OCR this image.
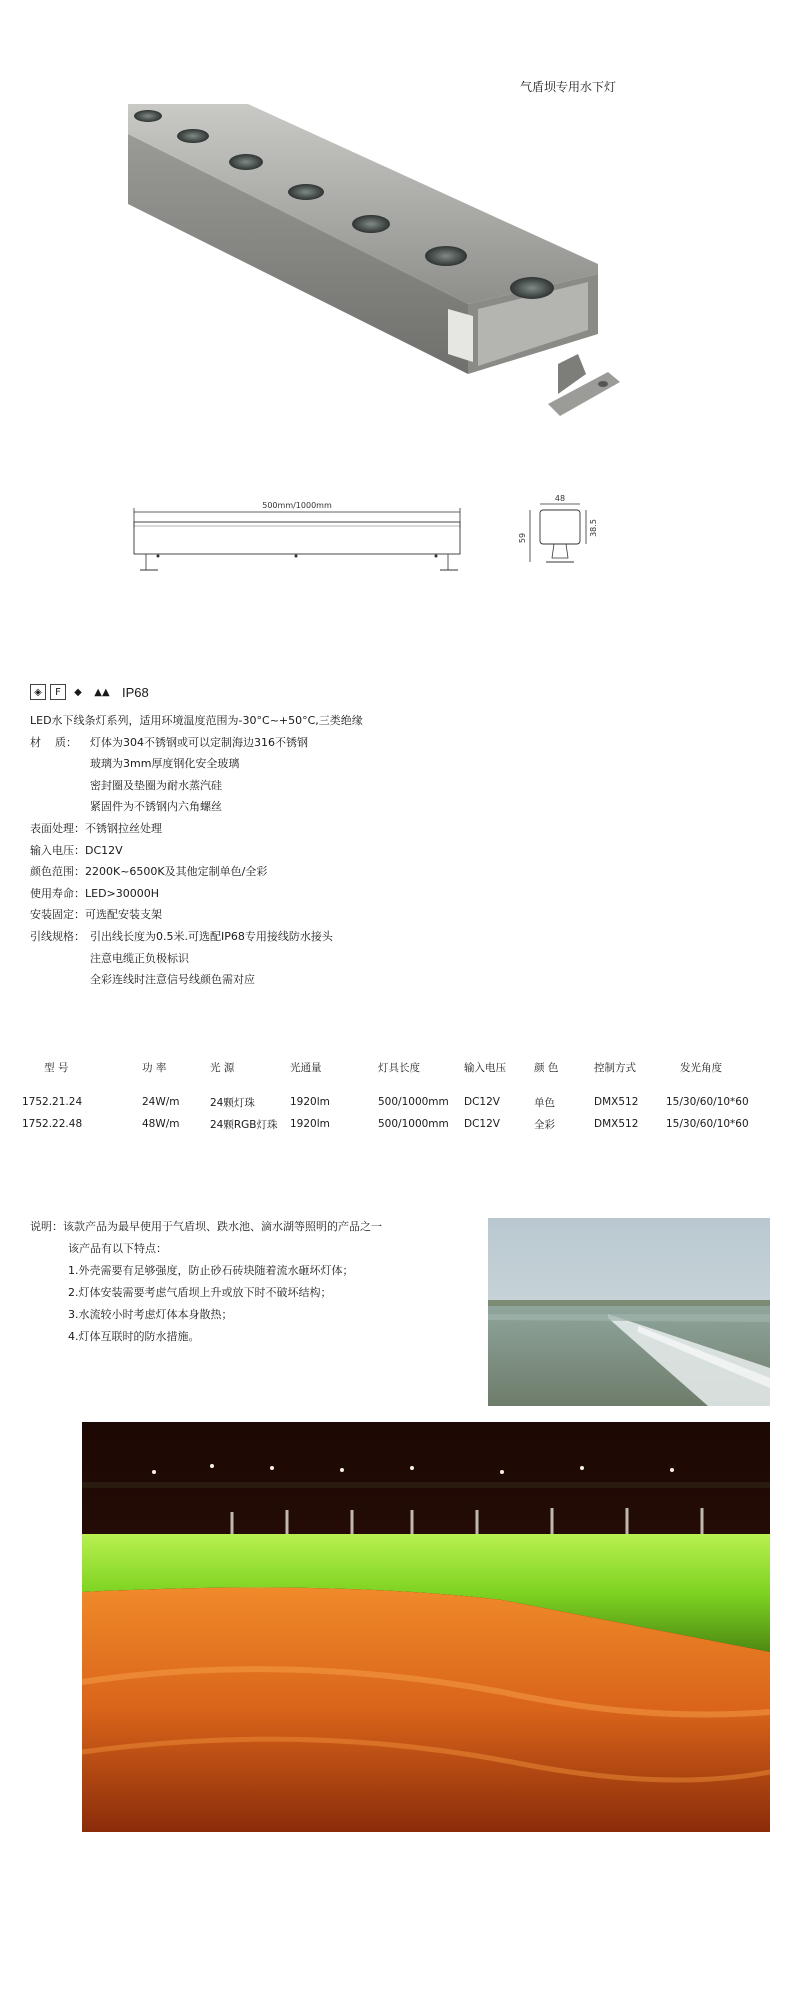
气盾坝专用水下灯
500mm/1000mm
48
59
38.5
◈	F	◆	▲▲ IP68
LED水下线条灯系列，适用环境温度范围为-30°C~+50°C,三类绝缘
材    质：	灯体为304不锈钢或可以定制海边316不锈钢
玻璃为3mm厚度钢化安全玻璃
密封圈及垫圈为耐水蒸汽硅
紧固件为不锈钢内六角螺丝
表面处理：不锈钢拉丝处理
输入电压：DC12V
颜色范围：2200K~6500K及其他定制单色/全彩
使用寿命：LED>30000H
安装固定：可选配安装支架
引线规格： 引出线长度为0.5米.可选配IP68专用接线防水接头
注意电缆正负极标识
全彩连线时注意信号线颜色需对应
型 号	功 率	光 源	光通量	灯具长度	输入电压	颜 色	控制方式	发光角度
1752.21.24	24W/m	24颗灯珠	1920lm	500/1000mm	DC12V	单色	DMX512	15/30/60/10*60
1752.22.48	48W/m	24颗RGB灯珠	1920lm	500/1000mm	DC12V	全彩	DMX512	15/30/60/10*60
说明：该款产品为最早使用于气盾坝、跌水池、滴水湖等照明的产品之一
该产品有以下特点：
1.外壳需要有足够强度，防止砂石砖块随着流水砸坏灯体；
2.灯体安装需要考虑气盾坝上升或放下时不破坏结构；
3.水流较小时考虑灯体本身散热；
4.灯体互联时的防水措施。
